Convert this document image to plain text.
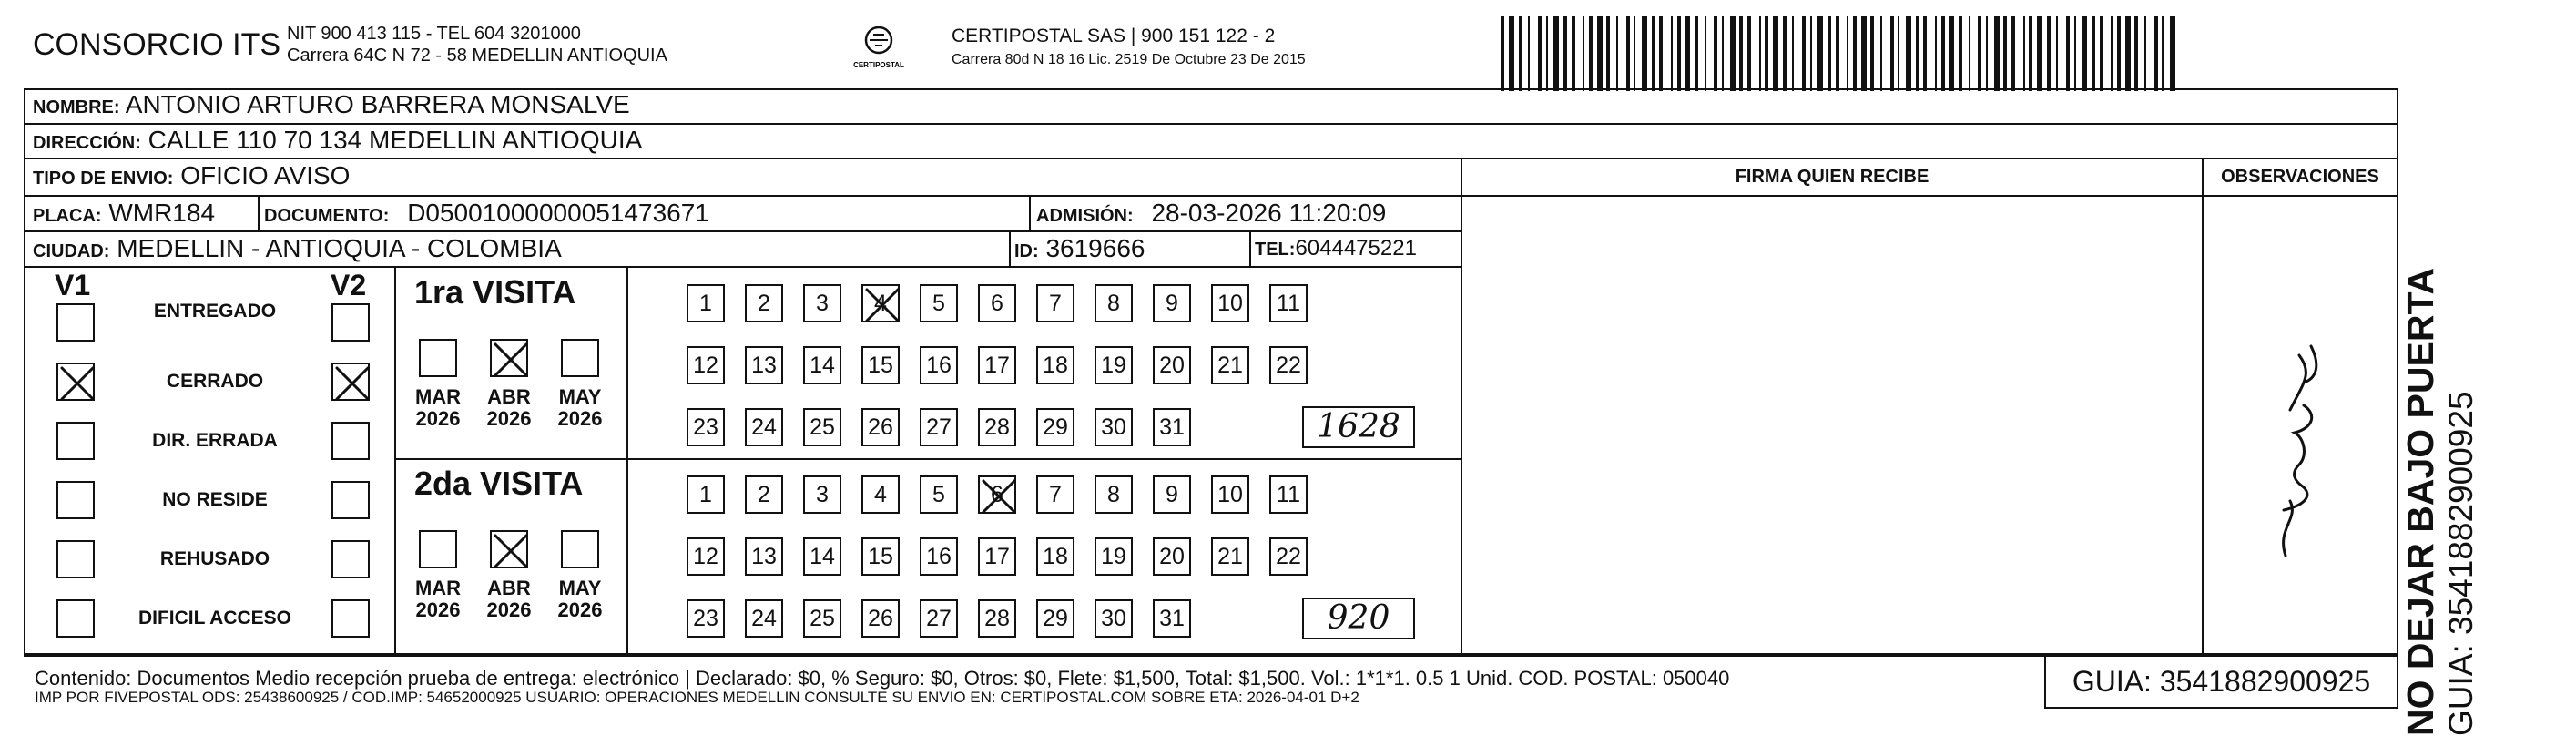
CONSORCIO ITS NIT 900 413 115 - TEL 604 3201000
Carrera 64C N 72 - 58 MEDELLIN ANTIOQUIA	CERTIPOSTAL
CERTIPOSTAL SAS | 900 151 122 - 2
Carrera 80d N 18 16 Lic. 2519 De Octubre 23 De 2015
NOMBRE: ANTONIO ARTURO BARRERA MONSALVE
DIRECCIÓN: CALLE 110 70 134 MEDELLIN ANTIOQUIA
TIPO DE ENVIO: OFICIO AVISO
PLACA: WMR184	DOCUMENTO: D05001000000051473671	ADMISIÓN: 28-03-2026 11:20:09
CIUDAD: MEDELLIN - ANTIOQUIA - COLOMBIA	ID: 3619666	TEL:6044475221
FIRMA QUIEN RECIBE	OBSERVACIONES
V1	V2
ENTREGADO
CERRADO
DIR. ERRADA
NO RESIDE
REHUSADO
DIFICIL ACCESO
1ra VISITA
MAR
2026
ABR
2026
MAY
2026
1	2	3	4	5	6	7	8	9	10	11
12 13 14 15 16 17 18 19 20 21 22
23 24 25 26 27 28 29 30 31	1628
2da VISITA
MAR
2026
ABR
2026
MAY
2026
1	2	3	4	5	6	7	8	9	10	11
12 13 14 15 16 17 18 19 20 21 22
23 24 25 26 27 28 29 30 31	920
Contenido: Documentos Medio recepción prueba de entrega: electrónico | Declarado: $0, % Seguro: $0, Otros: $0, Flete: $1,500, Total: $1,500. Vol.: 1*1*1. 0.5 1 Unid. COD. POSTAL: 050040
IMP POR FIVEPOSTAL ODS: 25438600925 / COD.IMP: 54652000925 USUARIO: OPERACIONES MEDELLIN CONSULTE SU ENVIO EN: CERTIPOSTAL.COM SOBRE ETA: 2026-04-01 D+2	GUIA: 3541882900925 NO DEJAR BAJO PUERTA GUIA: 3541882900925
